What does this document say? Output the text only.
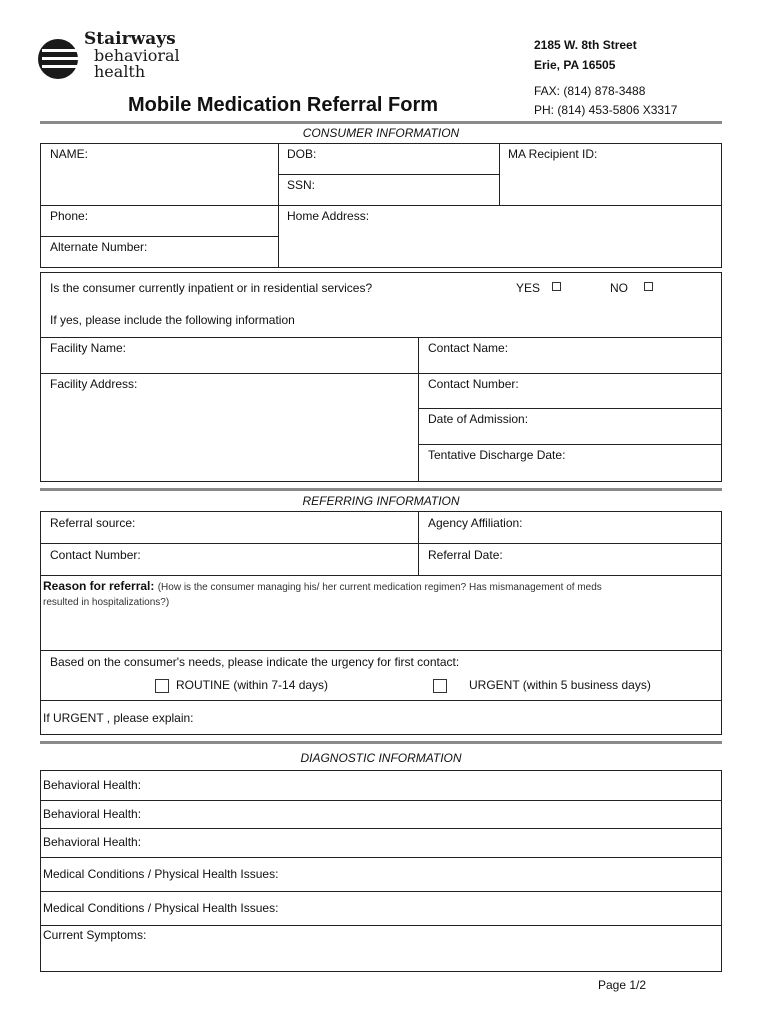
Stairways
behavioral
health
Mobile Medication Referral Form
2185 W. 8th Street
Erie, PA 16505
FAX: (814) 878-3488
PH: (814) 453-5806 X3317
CONSUMER INFORMATION
NAME:	DOB:	MA Recipient ID:
SSN:
Phone:	Home Address:
Alternate Number:
Is the consumer currently inpatient or in residential services?	YES	NO
If yes, please include the following information
Facility Name:	Contact Name:
Facility Address:	Contact Number:
Date of Admission:
Tentative Discharge Date:
REFERRING INFORMATION
Referral source:	Agency Affiliation:
Contact Number:	Referral Date:
Reason for referral: (How is the consumer managing his/ her current medication regimen? Has mismanagement of meds
resulted in hospitalizations?)
Based on the consumer's needs, please indicate the urgency for first contact:
ROUTINE (within 7-14 days)	URGENT (within 5 business days)
If URGENT , please explain:
DIAGNOSTIC INFORMATION
Behavioral Health:
Behavioral Health:
Behavioral Health:
Medical Conditions / Physical Health Issues:
Medical Conditions / Physical Health Issues:
Current Symptoms:
Page 1/2
